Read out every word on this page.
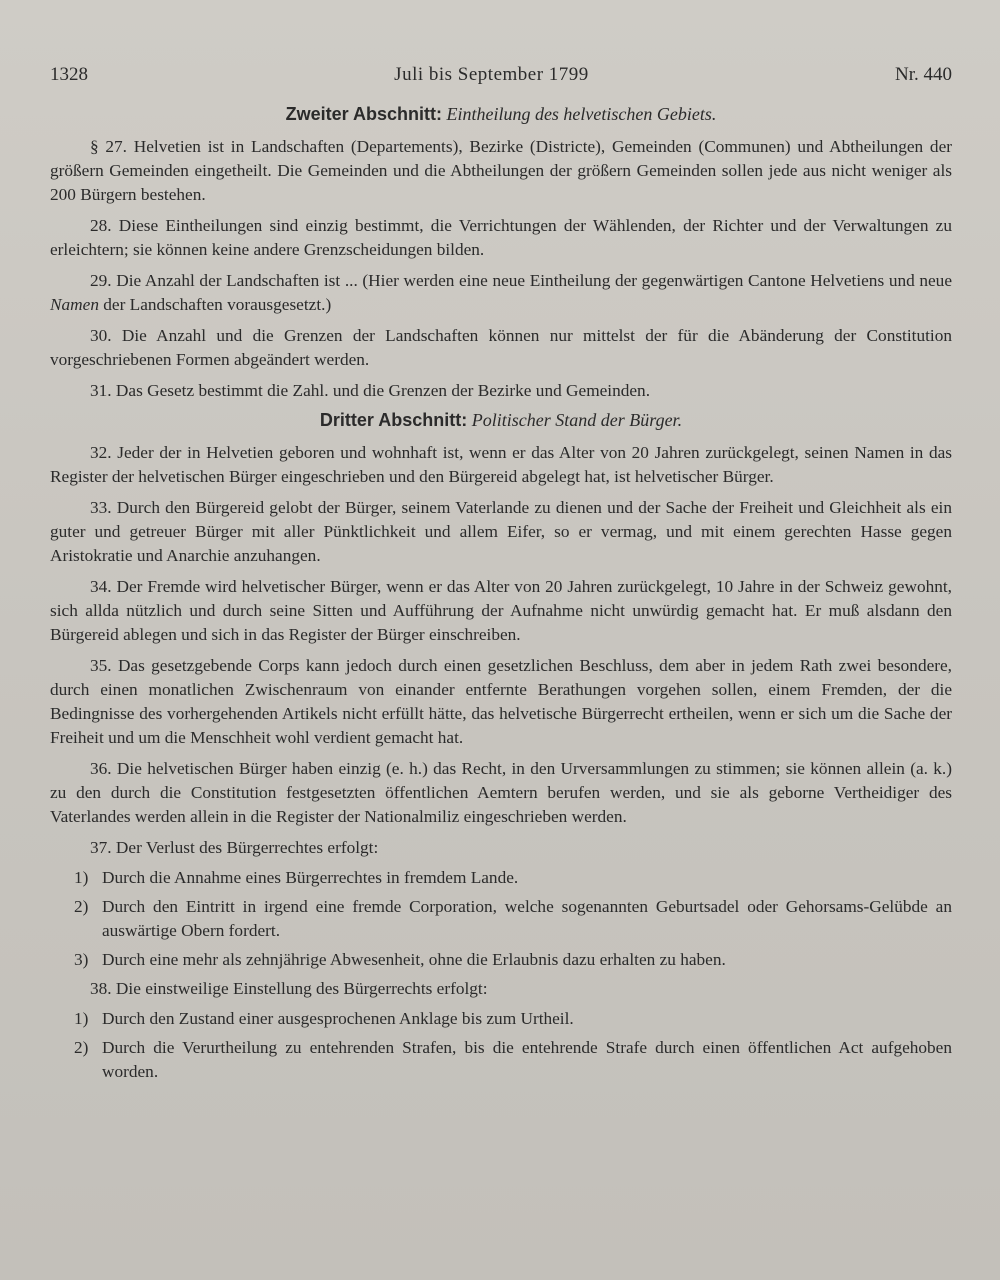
1328	Juli bis September 1799	Nr. 440
Zweiter Abschnitt: Eintheilung des helvetischen Gebiets.

§ 27. Helvetien ist in Landschaften (Departements), Bezirke (Districte), Gemeinden (Communen) und Abtheilungen der größern Gemeinden eingetheilt. Die Gemeinden und die Abtheilungen der größern Gemeinden sollen jede aus nicht weniger als 200 Bürgern bestehen.

28. Diese Eintheilungen sind einzig bestimmt, die Verrichtungen der Wählenden, der Richter und der Verwaltungen zu erleichtern; sie können keine andere Grenzscheidungen bilden.

29. Die Anzahl der Landschaften ist ... (Hier werden eine neue Eintheilung der gegenwärtigen Cantone Helvetiens und neue Namen der Landschaften vorausgesetzt.)

30. Die Anzahl und die Grenzen der Landschaften können nur mittelst der für die Abänderung der Constitution vorgeschriebenen Formen abgeändert werden.

31. Das Gesetz bestimmt die Zahl. und die Grenzen der Bezirke und Gemeinden.

Dritter Abschnitt: Politischer Stand der Bürger.

32. Jeder der in Helvetien geboren und wohnhaft ist, wenn er das Alter von 20 Jahren zurückgelegt, seinen Namen in das Register der helvetischen Bürger eingeschrieben und den Bürgereid abgelegt hat, ist helvetischer Bürger.

33. Durch den Bürgereid gelobt der Bürger, seinem Vaterlande zu dienen und der Sache der Freiheit und Gleichheit als ein guter und getreuer Bürger mit aller Pünktlichkeit und allem Eifer, so er vermag, und mit einem gerechten Hasse gegen Aristokratie und Anarchie anzuhangen.

34. Der Fremde wird helvetischer Bürger, wenn er das Alter von 20 Jahren zurückgelegt, 10 Jahre in der Schweiz gewohnt, sich allda nützlich und durch seine Sitten und Aufführung der Aufnahme nicht unwürdig gemacht hat. Er muß alsdann den Bürgereid ablegen und sich in das Register der Bürger einschreiben.

35. Das gesetzgebende Corps kann jedoch durch einen gesetzlichen Beschluss, dem aber in jedem Rath zwei besondere, durch einen monatlichen Zwischenraum von einander entfernte Berathungen vorgehen sollen, einem Fremden, der die Bedingnisse des vorhergehenden Artikels nicht erfüllt hätte, das helvetische Bürgerrecht ertheilen, wenn er sich um die Sache der Freiheit und um die Menschheit wohl verdient gemacht hat.

36. Die helvetischen Bürger haben einzig (e. h.) das Recht, in den Urversammlungen zu stimmen; sie können allein (a. k.) zu den durch die Constitution festgesetzten öffentlichen Aemtern berufen werden, und sie als geborne Vertheidiger des Vaterlandes werden allein in die Register der Nationalmiliz eingeschrieben werden.

37. Der Verlust des Bürgerrechtes erfolgt:

1) Durch die Annahme eines Bürgerrechtes in fremdem Lande.
2) Durch den Eintritt in irgend eine fremde Corporation, welche sogenannten Geburtsadel oder Gehorsams-Gelübde an auswärtige Obern fordert.
3) Durch eine mehr als zehnjährige Abwesenheit, ohne die Erlaubnis dazu erhalten zu haben.

38. Die einstweilige Einstellung des Bürgerrechts erfolgt:

1) Durch den Zustand einer ausgesprochenen Anklage bis zum Urtheil.
2) Durch die Verurtheilung zu entehrenden Strafen, bis die entehrende Strafe durch einen öffentlichen Act aufgehoben worden.
